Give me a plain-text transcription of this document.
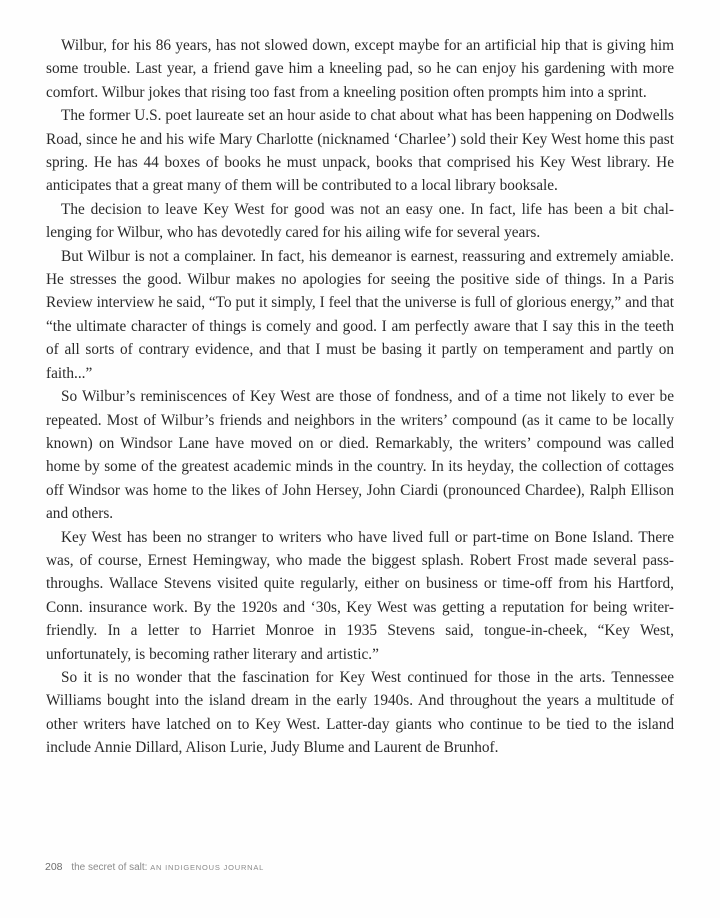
Wilbur, for his 86 years, has not slowed down, except maybe for an artificial hip that is giving him some trouble. Last year, a friend gave him a kneeling pad, so he can enjoy his gardening with more comfort. Wilbur jokes that rising too fast from a kneeling position often prompts him into a sprint.

The former U.S. poet laureate set an hour aside to chat about what has been happening on Dodwells Road, since he and his wife Mary Charlotte (nicknamed ‘Charlee’) sold their Key West home this past spring. He has 44 boxes of books he must unpack, books that comprised his Key West library. He anticipates that a great many of them will be contributed to a local library booksale.

The decision to leave Key West for good was not an easy one. In fact, life has been a bit challenging for Wilbur, who has devotedly cared for his ailing wife for several years.

But Wilbur is not a complainer. In fact, his demeanor is earnest, reassuring and extremely amiable. He stresses the good. Wilbur makes no apologies for seeing the positive side of things. In a Paris Review interview he said, “To put it simply, I feel that the universe is full of glorious energy,” and that “the ultimate character of things is comely and good. I am perfectly aware that I say this in the teeth of all sorts of contrary evidence, and that I must be basing it partly on temperament and partly on faith...”

So Wilbur’s reminiscences of Key West are those of fondness, and of a time not likely to ever be repeated. Most of Wilbur’s friends and neighbors in the writers’ compound (as it came to be locally known) on Windsor Lane have moved on or died. Remarkably, the writers’ compound was called home by some of the greatest academic minds in the country. In its heyday, the collection of cottages off Windsor was home to the likes of John Hersey, John Ciardi (pronounced Chardee), Ralph Ellison and others.

Key West has been no stranger to writers who have lived full or part-time on Bone Island. There was, of course, Ernest Hemingway, who made the biggest splash. Robert Frost made several pass-throughs. Wallace Stevens visited quite regularly, either on business or time-off from his Hartford, Conn. insurance work. By the 1920s and ‘30s, Key West was getting a reputation for being writer-friendly. In a letter to Harriet Monroe in 1935 Stevens said, tongue-in-cheek, “Key West, unfortunately, is becoming rather literary and artistic.”

So it is no wonder that the fascination for Key West continued for those in the arts. Tennessee Williams bought into the island dream in the early 1940s. And throughout the years a multitude of other writers have latched on to Key West. Latter-day giants who continue to be tied to the island include Annie Dillard, Alison Lurie, Judy Blume and Laurent de Brunhof.

208 the secret of salt: AN INDIGENOUS JOURNAL
